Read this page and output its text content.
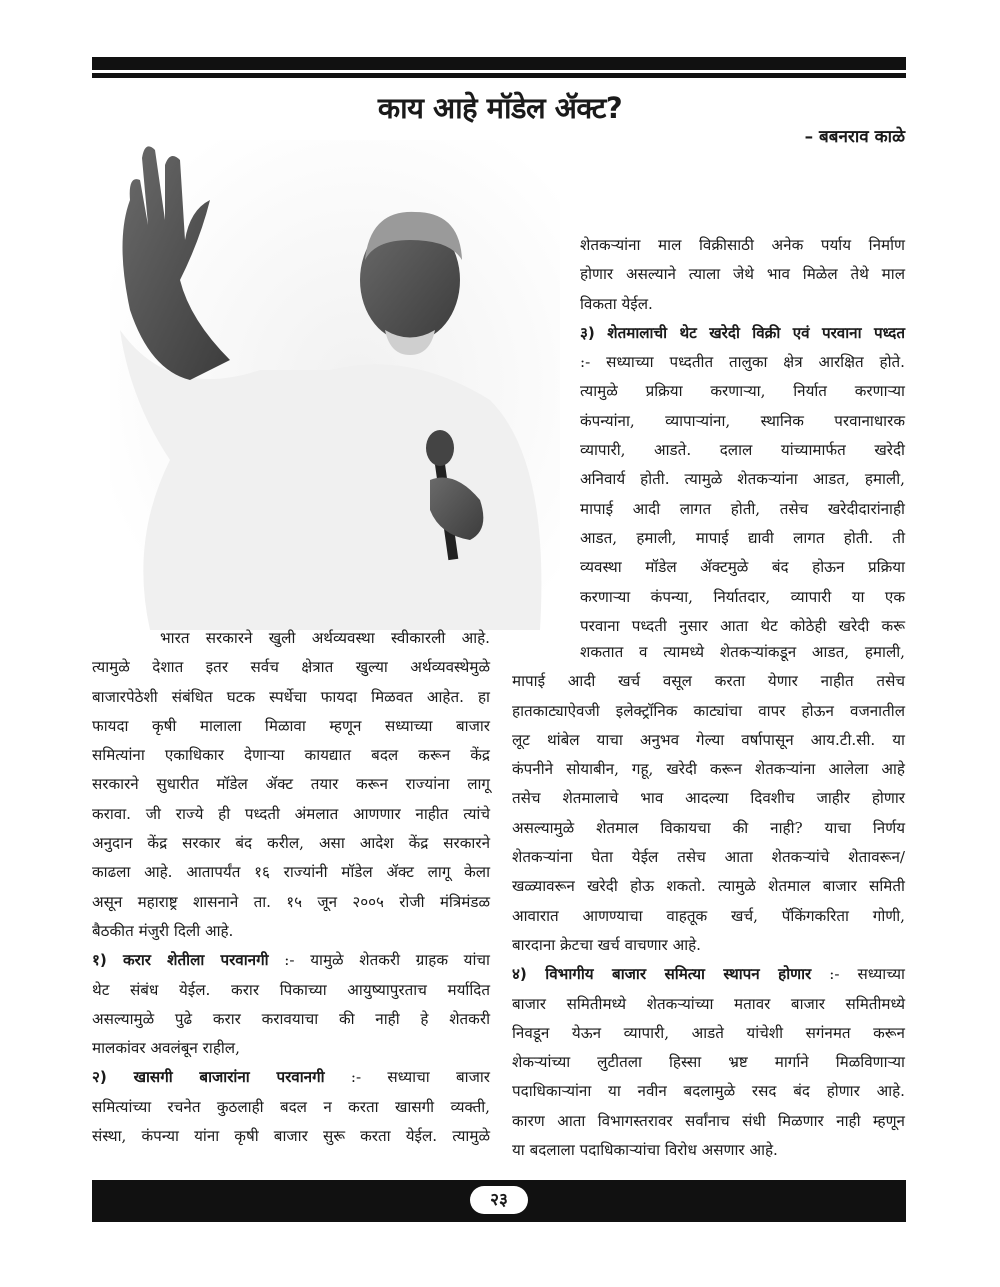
काय आहे मॉडेल ॲक्ट?
– बबनराव काळे
शेतकऱ्यांना माल विक्रीसाठी अनेक पर्याय निर्माण
होणार असल्याने त्याला जेथे भाव मिळेल तेथे माल
विकता येईल.
३) शेतमालाची थेट खरेदी विक्री एवं परवाना पध्दत
:- सध्याच्या पध्दतीत तालुका क्षेत्र आरक्षित होते.
त्यामुळे प्रक्रिया करणाऱ्या, निर्यात करणाऱ्या
कंपन्यांना, व्यापाऱ्यांना, स्थानिक परवानाधारक
व्यापारी, आडते. दलाल यांच्यामार्फत खरेदी
अनिवार्य होती. त्यामुळे शेतकऱ्यांना आडत, हमाली,
मापाई आदी लागत होती, तसेच खरेदीदारांनाही
आडत, हमाली, मापाई द्यावी लागत होती. ती
व्यवस्था मॉडेल ॲक्टमुळे बंद होऊन प्रक्रिया
करणाऱ्या कंपन्या, निर्यातदार, व्यापारी या एक
परवाना पध्दती नुसार आता थेट कोठेही खरेदी करू
शकतात व त्यामध्ये शेतकऱ्यांकडून आडत, हमाली,
मापाई आदी खर्च वसूल करता येणार नाहीत तसेच
हातकाट्याऐवजी इलेक्ट्रॉनिक काट्यांचा वापर होऊन वजनातील
लूट थांबेल याचा अनुभव गेल्या वर्षापासून आय.टी.सी. या
कंपनीने सोयाबीन, गहू, खरेदी करून शेतकऱ्यांना आलेला आहे
तसेच शेतमालाचे भाव आदल्या दिवशीच जाहीर होणार
असल्यामुळे शेतमाल विकायचा की नाही? याचा निर्णय
शेतकऱ्यांना घेता येईल तसेच आता शेतकऱ्यांचे शेतावरून/
खळ्यावरून खरेदी होऊ शकतो. त्यामुळे शेतमाल बाजार समिती
आवारात आणण्याचा वाहतूक खर्च, पॅकिंगकरिता गोणी,
बारदाना क्रेटचा खर्च वाचणार आहे.
४) विभागीय बाजार समित्या स्थापन होणार :- सध्याच्या
बाजार समितीमध्ये शेतकऱ्यांच्या मतावर बाजार समितीमध्ये
निवडून येऊन व्यापारी, आडते यांचेशी सगंनमत करून
शेकऱ्यांच्या लुटीतला हिस्सा भ्रष्ट मार्गाने मिळविणाऱ्या
पदाधिकाऱ्यांना या नवीन बदलामुळे रसद बंद होणार आहे.
कारण आता विभागस्तरावर सर्वांनाच संधी मिळणार नाही म्हणून
या बदलाला पदाधिकाऱ्यांचा विरोध असणार आहे.
भारत सरकारने खुली अर्थव्यवस्था स्वीकारली आहे.
त्यामुळे देशात इतर सर्वच क्षेत्रात खुल्या अर्थव्यवस्थेमुळे
बाजारपेठेशी संबंधित घटक स्पर्धेचा फायदा मिळवत आहेत. हा
फायदा कृषी मालाला मिळावा म्हणून सध्याच्या बाजार
समित्यांना एकाधिकार देणाऱ्या कायद्यात बदल करून केंद्र
सरकारने सुधारीत मॉडेल ॲक्ट तयार करून राज्यांना लागू
करावा. जी राज्ये ही पध्दती अंमलात आणणार नाहीत त्यांचे
अनुदान केंद्र सरकार बंद करील, असा आदेश केंद्र सरकारने
काढला आहे. आतापर्यंत १६ राज्यांनी मॉडेल ॲक्ट लागू केला
असून महाराष्ट्र शासनाने ता. १५ जून २००५ रोजी मंत्रिमंडळ
बैठकीत मंजुरी दिली आहे.
१) करार शेतीला परवानगी :- यामुळे शेतकरी ग्राहक यांचा
थेट संबंध येईल. करार पिकाच्या आयुष्यापुरताच मर्यादित
असल्यामुळे पुढे करार करावयाचा की नाही हे शेतकरी
मालकांवर अवलंबून राहील,
२) खासगी बाजारांना परवानगी :- सध्याचा बाजार
समित्यांच्या रचनेत कुठलाही बदल न करता खासगी व्यक्ती,
संस्था, कंपन्या यांना कृषी बाजार सुरू करता येईल. त्यामुळे
२३
